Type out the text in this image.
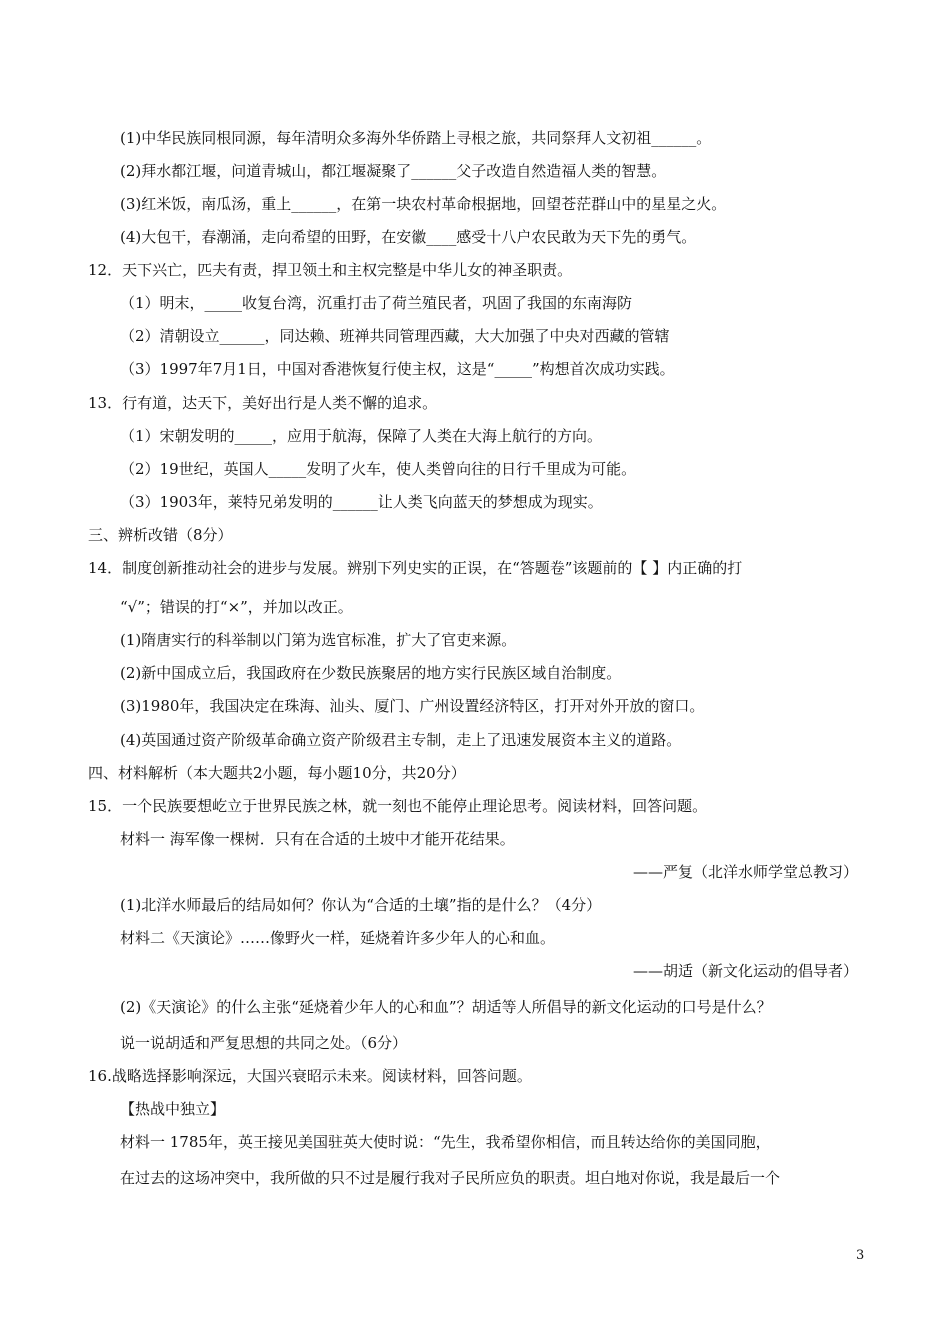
(1)中华民族同根同源，每年清明众多海外华侨踏上寻根之旅，共同祭拜人文初祖______。
(2)拜水都江堰，问道青城山，都江堰凝聚了______父子改造自然造福人类的智慧。
(3)红米饭，南瓜汤，重上______，在第一块农村革命根据地，回望苍茫群山中的星星之火。
(4)大包干，春潮涌，走向希望的田野，在安徽____感受十八户农民敢为天下先的勇气。
12．天下兴亡，匹夫有责，捍卫领土和主权完整是中华儿女的神圣职责。
（1）明末，_____收复台湾，沉重打击了荷兰殖民者，巩固了我国的东南海防
（2）清朝设立______，同达赖、班禅共同管理西藏，大大加强了中央对西藏的管辖
（3）1997年7月1日，中国对香港恢复行使主权，这是“_____”构想首次成功实践。
13．行有道，达天下，美好出行是人类不懈的追求。
（1）宋朝发明的_____，应用于航海，保障了人类在大海上航行的方向。
（2）19世纪，英国人_____发明了火车，使人类曾向往的日行千里成为可能。
（3）1903年，莱特兄弟发明的______让人类飞向蓝天的梦想成为现实。
三、辨析改错（8分）
14．制度创新推动社会的进步与发展。辨别下列史实的正误，在“答题卷”该题前的【 】内正确的打
“√”；错误的打“×”，并加以改正。
(1)隋唐实行的科举制以门第为选官标准，扩大了官吏来源。
(2)新中国成立后，我国政府在少数民族聚居的地方实行民族区域自治制度。
(3)1980年，我国决定在珠海、汕头、厦门、广州设置经济特区，打开对外开放的窗口。
(4)英国通过资产阶级革命确立资产阶级君主专制，走上了迅速发展资本主义的道路。
四、材料解析（本大题共2小题，每小题10分，共20分）
15．一个民族要想屹立于世界民族之林，就一刻也不能停止理论思考。阅读材料，回答问题。
材料一 海军像一棵树．只有在合适的土坡中才能开花结果。
——严复（北洋水师学堂总教习）
(1)北洋水师最后的结局如何？你认为“合适的土壤”指的是什么？（4分）
材料二《天演论》……像野火一样，延烧着许多少年人的心和血。
——胡适（新文化运动的倡导者）
(2)《天演论》的什么主张“延烧着少年人的心和血”？胡适等人所倡导的新文化运动的口号是什么？
说一说胡适和严复思想的共同之处。（6分）
16.战略选择影响深远，大国兴衰昭示未来。阅读材料，回答问题。
【热战中独立】
材料一 1785年，英王接见美国驻英大使时说：“先生，我希望你相信，而且转达给你的美国同胞，
在过去的这场冲突中，我所做的只不过是履行我对子民所应负的职责。坦白地对你说，我是最后一个
3
